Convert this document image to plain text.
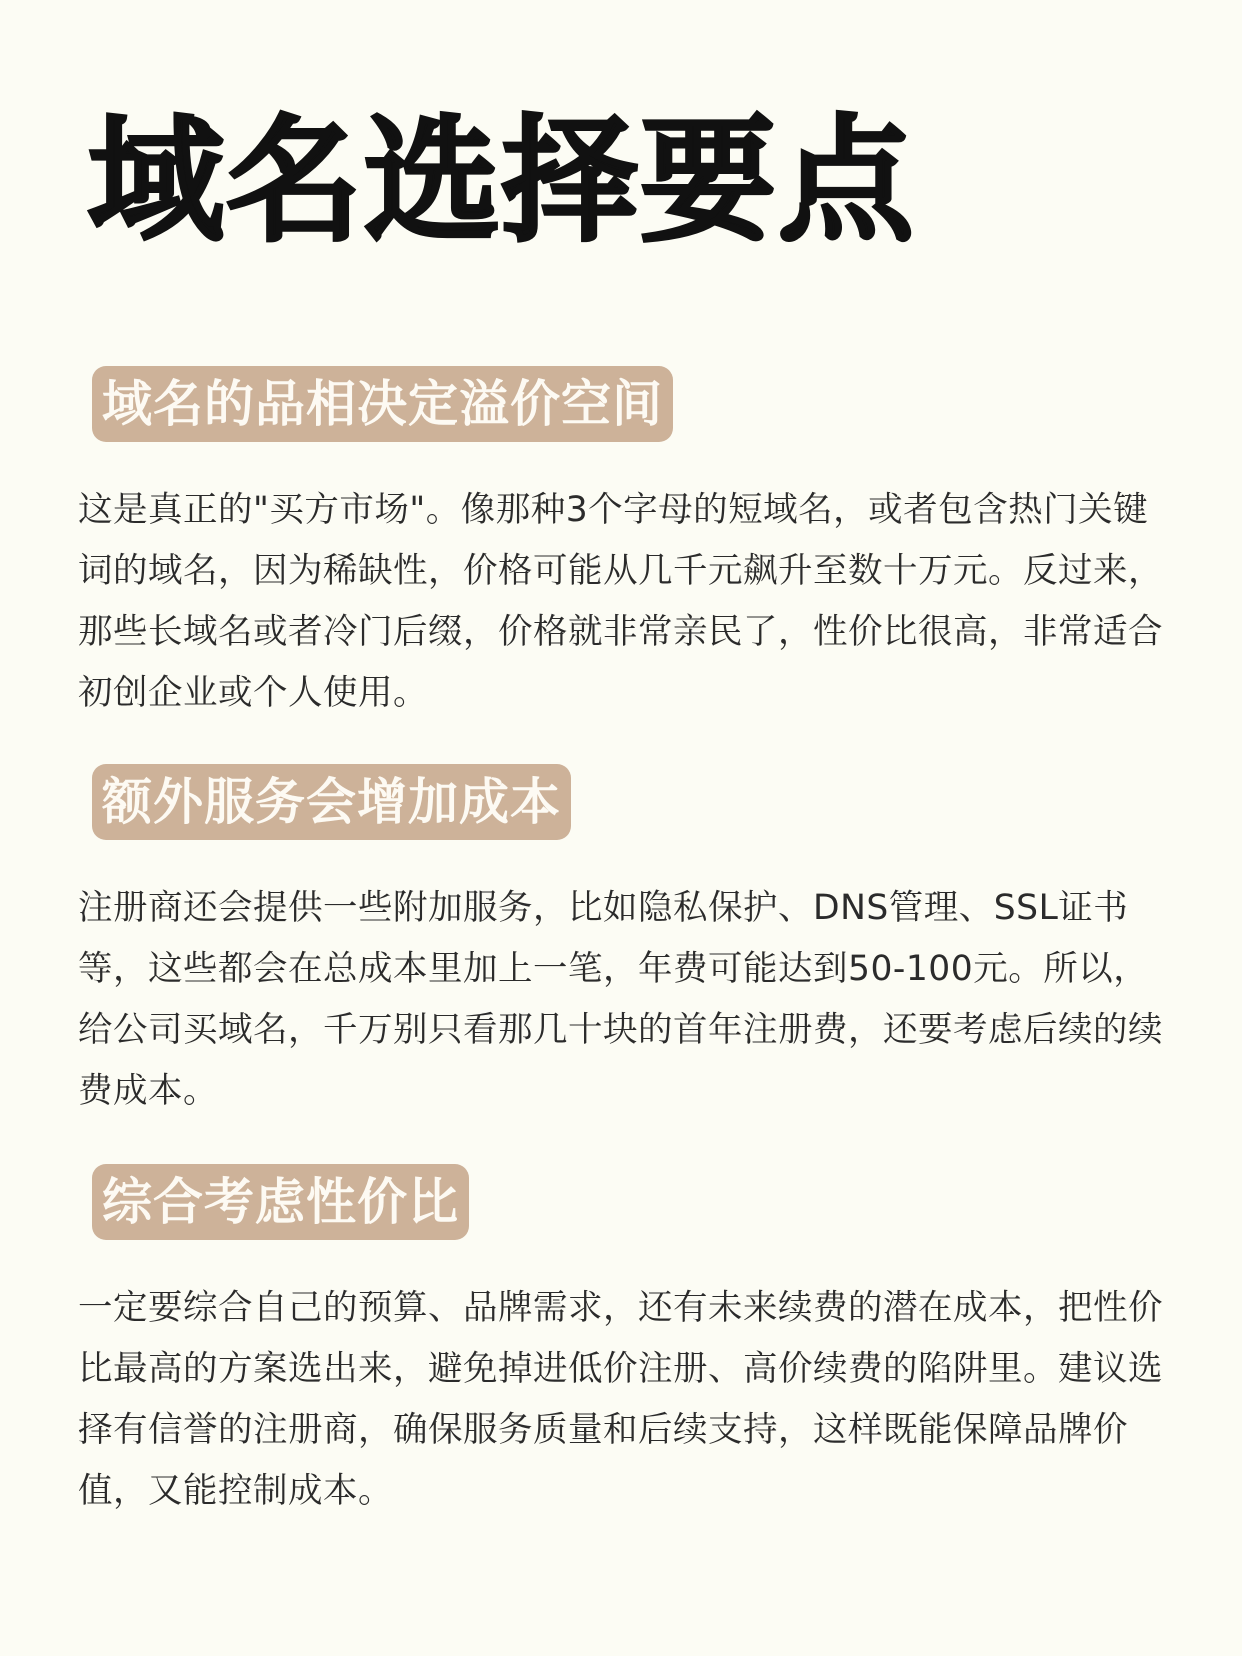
域名选择要点
域名的品相决定溢价空间

这是真正的"买方市场"。像那种3个字母的短域名，或者包含热门关键词的域名，因为稀缺性，价格可能从几千元飙升至数十万元。反过来，那些长域名或者冷门后缀，价格就非常亲民了，性价比很高，非常适合初创企业或个人使用。

额外服务会增加成本

注册商还会提供一些附加服务，比如隐私保护、DNS管理、SSL证书等，这些都会在总成本里加上一笔，年费可能达到50-100元。所以，给公司买域名，千万别只看那几十块的首年注册费，还要考虑后续的续费成本。

综合考虑性价比

一定要综合自己的预算、品牌需求，还有未来续费的潜在成本，把性价比最高的方案选出来，避免掉进低价注册、高价续费的陷阱里。建议选择有信誉的注册商，确保服务质量和后续支持，这样既能保障品牌价值，又能控制成本。
